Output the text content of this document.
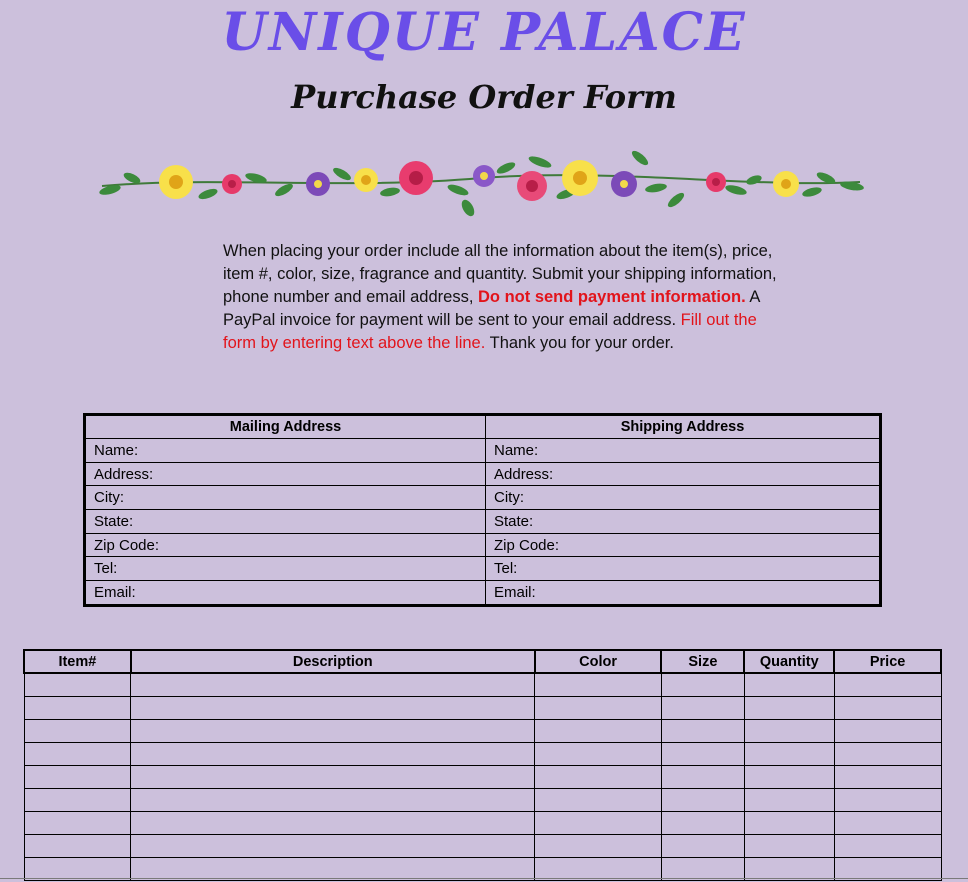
UNIQUE PALACE
Purchase Order Form

When placing your order include all the information about the item(s), price, item #, color, size, fragrance and quantity. Submit your shipping information, phone number and email address, Do not send payment information. A PayPal invoice for payment will be sent to your email address. Fill out the form by entering text above the line. Thank you for your order.

Mailing Address	Shipping Address
Name:	Name:
Address:	Address:
City:	City:
State:	State:
Zip Code:	Zip Code:
Tel:	Tel:
Email:	Email:
Item#	Description	Color	Size	Quantity	Price
